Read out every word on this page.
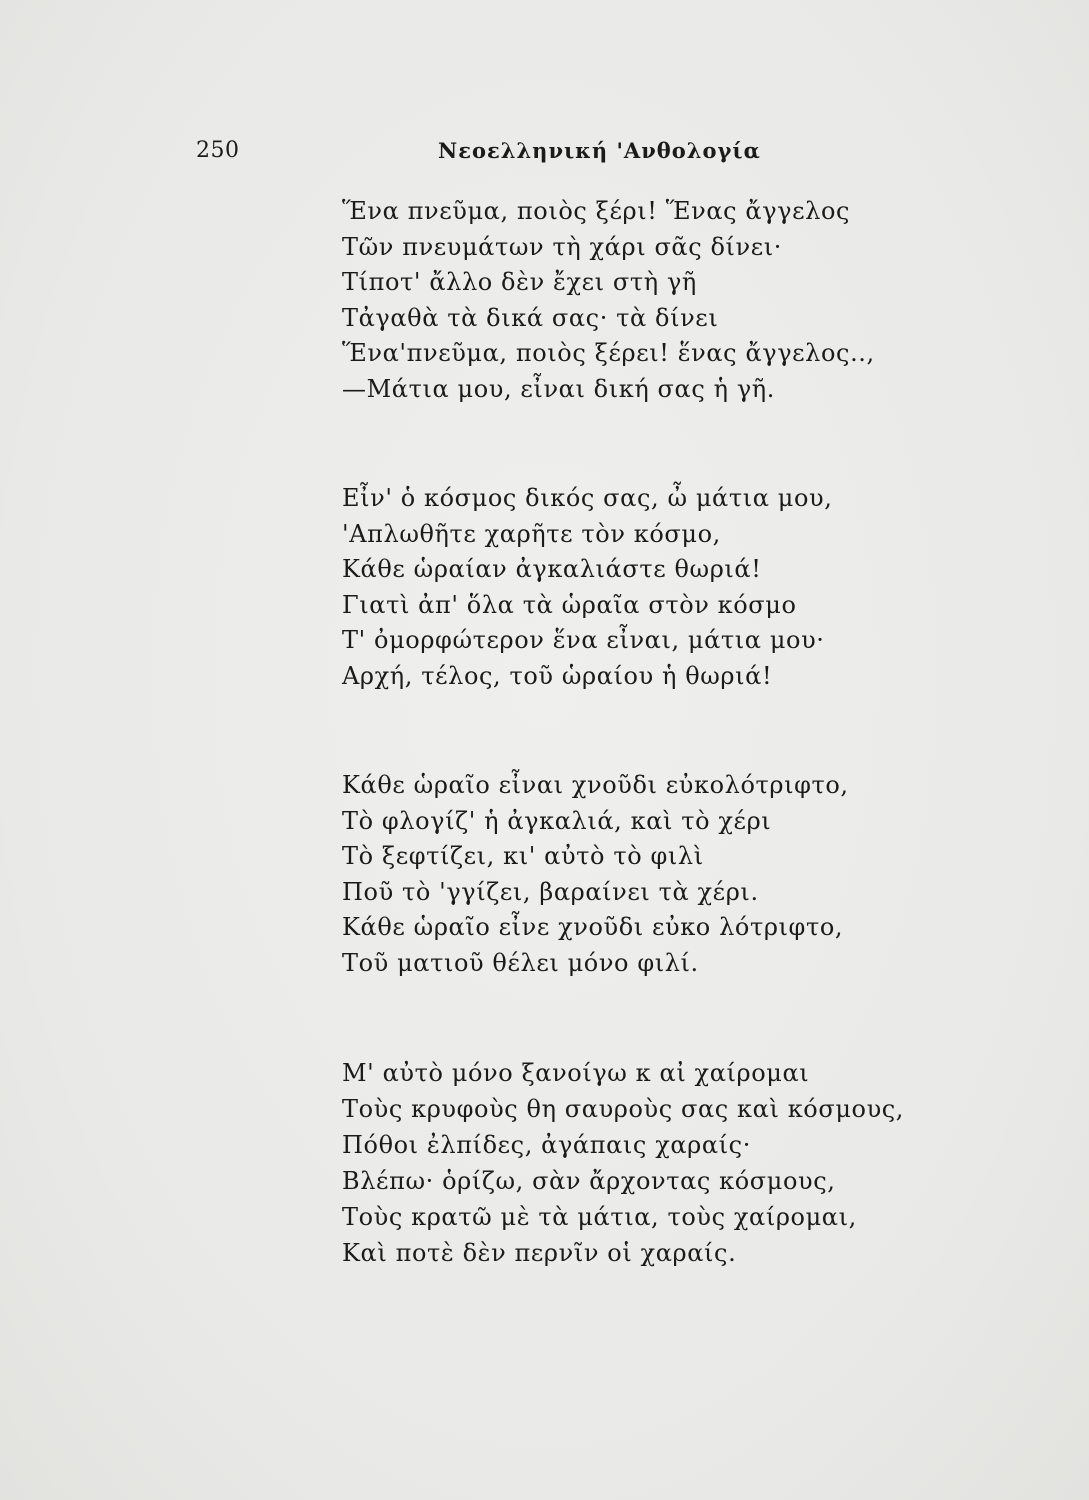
250	Νεοελληνική 'Ανθολογία
Ἕνα πνεῦμα, ποιὸς ξέρι! Ἕνας ἄγγελος
Τῶν πνευμάτων τὴ χάρι σᾶς δίνει·
Τίποτ' ἄλλο δὲν ἔχει στὴ γῆ
Τἀγαθὰ τὰ δικά σας· τὰ δίνει
Ἕνα'πνεῦμα, ποιὸς ξέρει! ἕνας ἄγγελος..,
—Μάτια μου, εἶναι δική σας ἡ γῆ.
Εἶν' ὁ κόσμος δικός σας, ὦ μάτια μου,
'Απλωθῆτε χαρῆτε τὸν κόσμο,
Κάθε ὡραίαν ἀγκαλιάστε θωριά!
Γιατὶ ἀπ' ὅλα τὰ ὡραῖα στὸν κόσμο
Τ' ὀμορφώτερον ἕνα εἶναι, μάτια μου·
Αρχή, τέλος, τοῦ ὡραίου ἡ θωριά!
Κάθε ὡραῖο εἶναι χνοῦδι εὐκολότριφτο,
Τὸ φλογίζ' ἡ ἀγκαλιά, καὶ τὸ χέρι
Τὸ ξεφτίζει, κι' αὐτὸ τὸ φιλὶ
Ποῦ τὸ 'γγίζει, βαραίνει τὰ χέρι.
Κάθε ὡραῖο εἶνε χνοῦδι εὐκο λότριφτο,
Τοῦ ματιοῦ θέλει μόνο φιλί.
Μ' αὐτὸ μόνο ξανοίγω κ αἰ χαίρομαι
Τοὺς κρυφοὺς θη σαυροὺς σας καὶ κόσμους,
Πόθοι ἐλπίδες, ἀγάπαις χαραίς·
Βλέπω· ὁρίζω, σὰν ἄρχοντας κόσμους,
Τοὺς κρατῶ μὲ τὰ μάτια, τοὺς χαίρομαι,
Καὶ ποτὲ δὲν περνῖν οἱ χαραίς.
